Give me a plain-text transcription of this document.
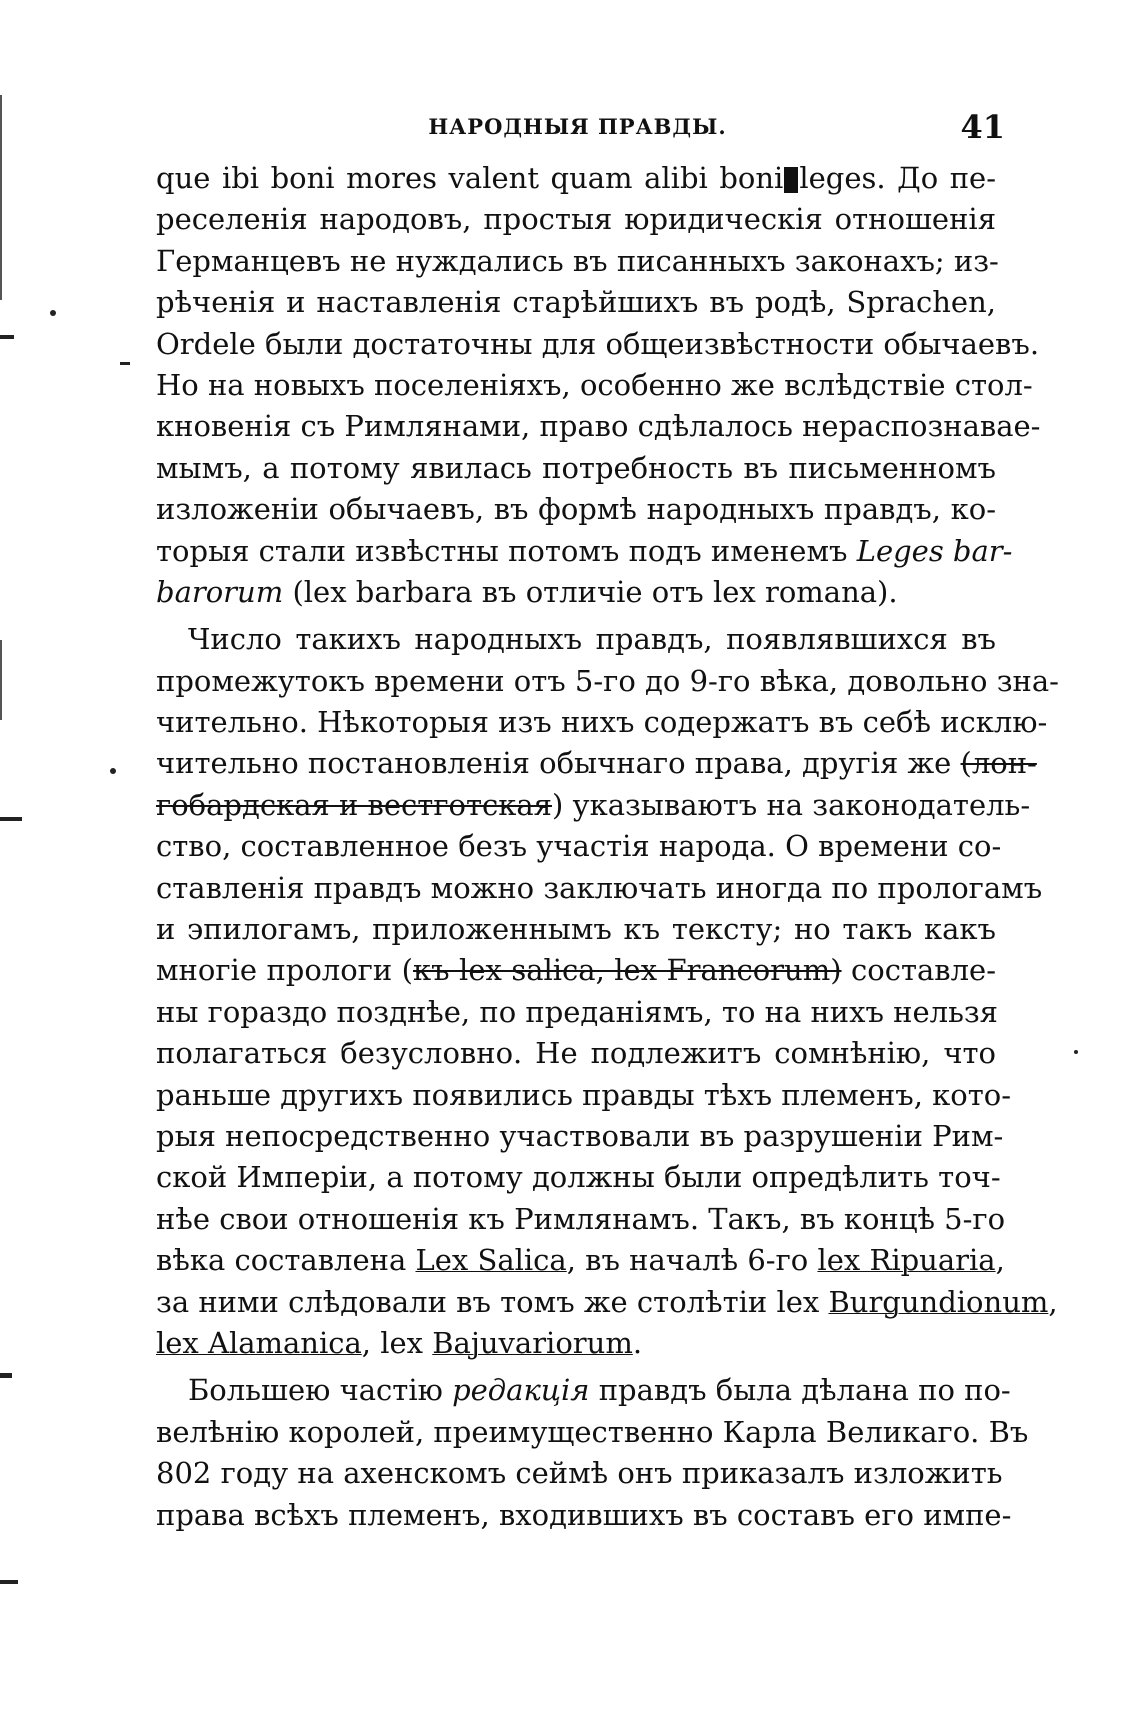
НАРОДНЫЯ ПРАВДЫ.	41
que ibi boni mores valent quam alibi boni leges. До пе-
реселенія народовъ, простыя юридическія отношенія
Германцевъ не нуждались въ писанныхъ законахъ; из-
рѣченія и наставленія старѣйшихъ въ родѣ, Sprachen,
Ordele были достаточны для общеизвѣстности обычаевъ.
Но на новыхъ поселеніяхъ, особенно же вслѣдствіе стол-
кновенія съ Римлянами, право сдѣлалось нераспознавае-
мымъ, а потому явилась потребность въ письменномъ
изложеніи обычаевъ, въ формѣ народныхъ правдъ, ко-
торыя стали извѣстны потомъ подъ именемъ Leges bar-
barorum (lex barbara въ отличіе отъ lex romana).
Число такихъ народныхъ правдъ, появлявшихся въ
промежутокъ времени отъ 5-го до 9-го вѣка, довольно зна-
чительно. Нѣкоторыя изъ нихъ содержатъ въ себѣ исклю-
чительно постановленія обычнаго права, другія же (лон-
гобардская и вестготская) указываютъ на законодатель-
ство, составленное безъ участія народа. О времени со-
ставленія правдъ можно заключать иногда по прологамъ
и эпилогамъ, приложеннымъ къ тексту; но такъ какъ
многіе прологи (къ lex salica, lex Francorum) составле-
ны гораздо позднѣе, по преданіямъ, то на нихъ нельзя
полагаться безусловно. Не подлежитъ сомнѣнію, что
раньше другихъ появились правды тѣхъ племенъ, кото-
рыя непосредственно участвовали въ разрушеніи Рим-
ской Имперіи, а потому должны были опредѣлить точ-
нѣе свои отношенія къ Римлянамъ. Такъ, въ концѣ 5-го
вѣка составлена Lex Salica, въ началѣ 6-го lex Ripuaria,
за ними слѣдовали въ томъ же столѣтіи lex Burgundionum,
lex Alamanica, lex Bajuvariorum.
Большею частію редакція правдъ была дѣлана по по-
велѣнію королей, преимущественно Карла Великаго. Въ
802 году на ахенскомъ сеймѣ онъ приказалъ изложить
права всѣхъ племенъ, входившихъ въ составъ его импе-
